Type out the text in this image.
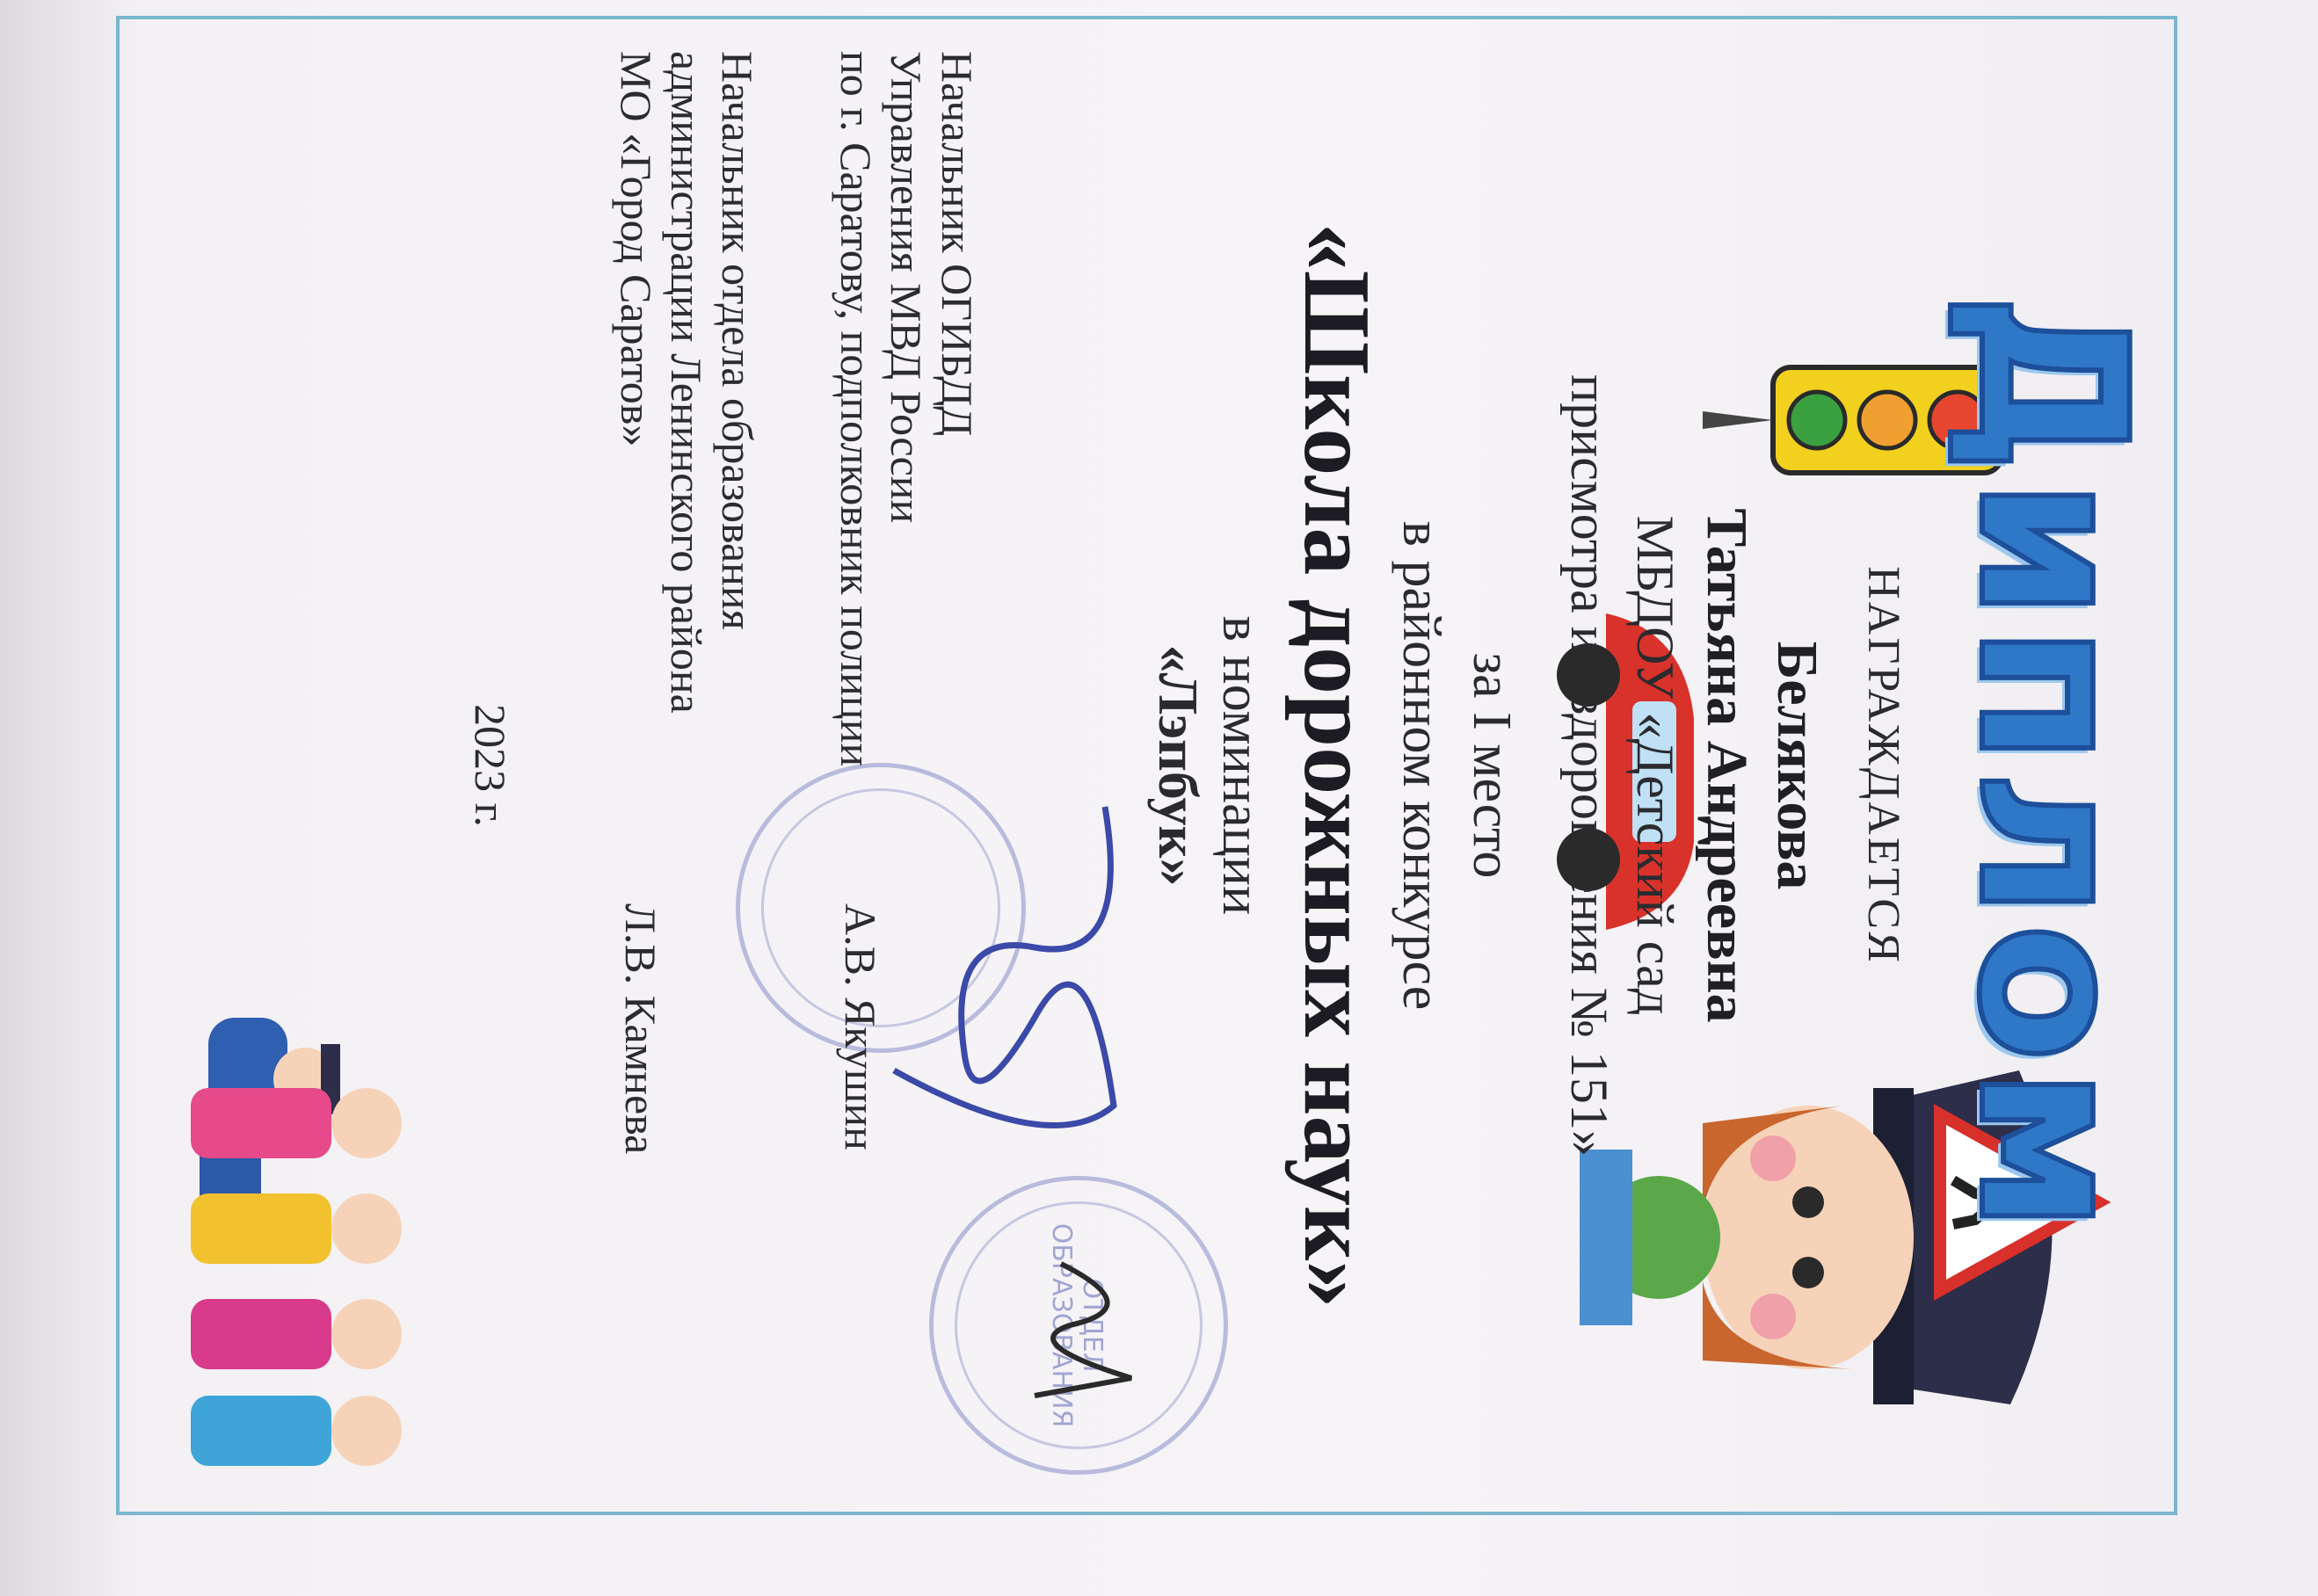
Диплом
НАГРАЖДАЕТСЯ
Белякова
Татьяна Андреевна
МБДОУ «Детский сад
присмотра и оздоровления № 151»
за I место
в районном конкурсе
«Школа дорожных наук»
в номинации
«Лэпбук»
ОТДЕЛ ОБРАЗОВАНИЯ
Начальник ОГИБДД
Управления МВД России
по г. Саратову, подполковник полиции
А.В. Якушин
Начальник отдела образования
администрации Ленинского района
МО «Город Саратов»
Л.В. Камнева
2023 г.
